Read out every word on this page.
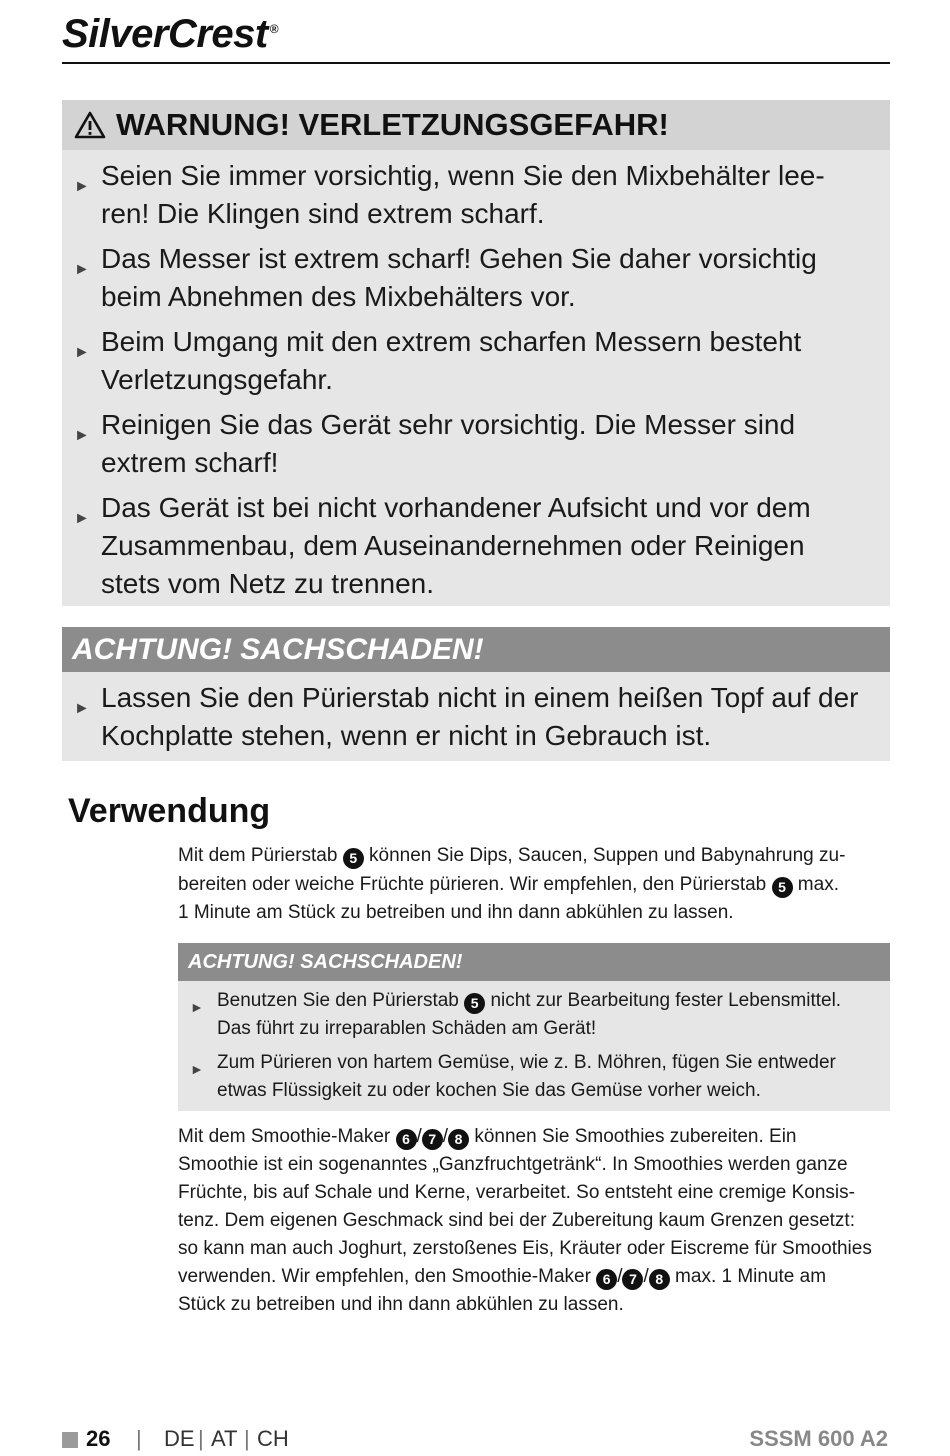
SilverCrest ®
WARNUNG! VERLETZUNGSGEFAHR!
► Seien Sie immer vorsichtig, wenn Sie den Mixbehälter lee-
ren! Die Klingen sind extrem scharf.
► Das Messer ist extrem scharf! Gehen Sie daher vorsichtig
beim Abnehmen des Mixbehälters vor.
► Beim Umgang mit den extrem scharfen Messern besteht
Verletzungsgefahr.
► Reinigen Sie das Gerät sehr vorsichtig. Die Messer sind
extrem scharf!
► Das Gerät ist bei nicht vorhandener Aufsicht und vor dem
Zusammenbau, dem Auseinandernehmen oder Reinigen
stets vom Netz zu trennen.
ACHTUNG! SACHSCHADEN!
► Lassen Sie den Pürierstab nicht in einem heißen Topf auf der
Kochplatte stehen, wenn er nicht in Gebrauch ist.
Verwendung
Mit dem Pürierstab 5 können Sie Dips, Saucen, Suppen und Babynahrung zu-
bereiten oder weiche Früchte pürieren. Wir empfehlen, den Pürierstab 5 max.
1 Minute am Stück zu betreiben und ihn dann abkühlen zu lassen.
ACHTUNG! SACHSCHADEN!
► Benutzen Sie den Pürierstab 5 nicht zur Bearbeitung fester Lebensmittel.
Das führt zu irreparablen Schäden am Gerät!
► Zum Pürieren von hartem Gemüse, wie z. B. Möhren, fügen Sie entweder
etwas Flüssigkeit zu oder kochen Sie das Gemüse vorher weich.
Mit dem Smoothie-Maker 6 / 7 / 8 können Sie Smoothies zubereiten. Ein
Smoothie ist ein sogenanntes „Ganzfruchtgetränk“. In Smoothies werden ganze
Früchte, bis auf Schale und Kerne, verarbeitet. So entsteht eine cremige Konsis-
tenz. Dem eigenen Geschmack sind bei der Zubereitung kaum Grenzen gesetzt:
so kann man auch Joghurt, zerstoßenes Eis, Kräuter oder Eiscreme für Smoothies
verwenden. Wir empfehlen, den Smoothie-Maker 6 / 7 / 8 max. 1 Minute am
Stück zu betreiben und ihn dann abkühlen zu lassen.
26 | DE | AT | CH	SSSM 600 A2
